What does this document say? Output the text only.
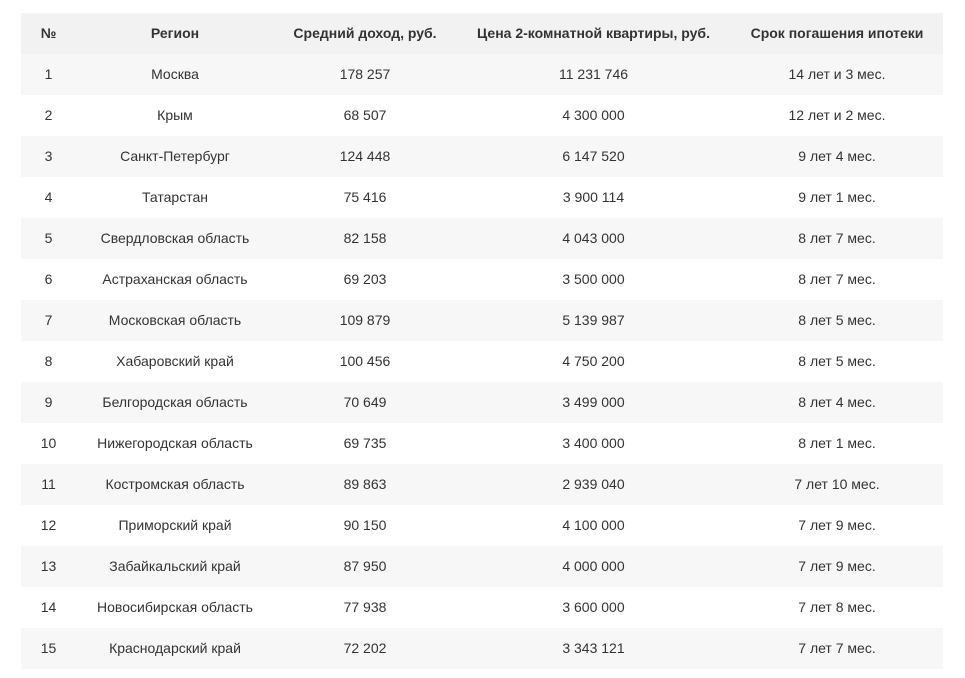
№	Регион	Средний доход, руб.	Цена 2-комнатной квартиры, руб.	Срок погашения ипотеки
1	Москва	178 257	11 231 746	14 лет и 3 мес.
2	Крым	68 507	4 300 000	12 лет и 2 мес.
3	Санкт-Петербург	124 448	6 147 520	9 лет 4 мес.
4	Татарстан	75 416	3 900 114	9 лет 1 мес.
5	Свердловская область	82 158	4 043 000	8 лет 7 мес.
6	Астраханская область	69 203	3 500 000	8 лет 7 мес.
7	Московская область	109 879	5 139 987	8 лет 5 мес.
8	Хабаровский край	100 456	4 750 200	8 лет 5 мес.
9	Белгородская область	70 649	3 499 000	8 лет 4 мес.
10	Нижегородская область	69 735	3 400 000	8 лет 1 мес.
11	Костромская область	89 863	2 939 040	7 лет 10 мес.
12	Приморский край	90 150	4 100 000	7 лет 9 мес.
13	Забайкальский край	87 950	4 000 000	7 лет 9 мес.
14	Новосибирская область	77 938	3 600 000	7 лет 8 мес.
15	Краснодарский край	72 202	3 343 121	7 лет 7 мес.
